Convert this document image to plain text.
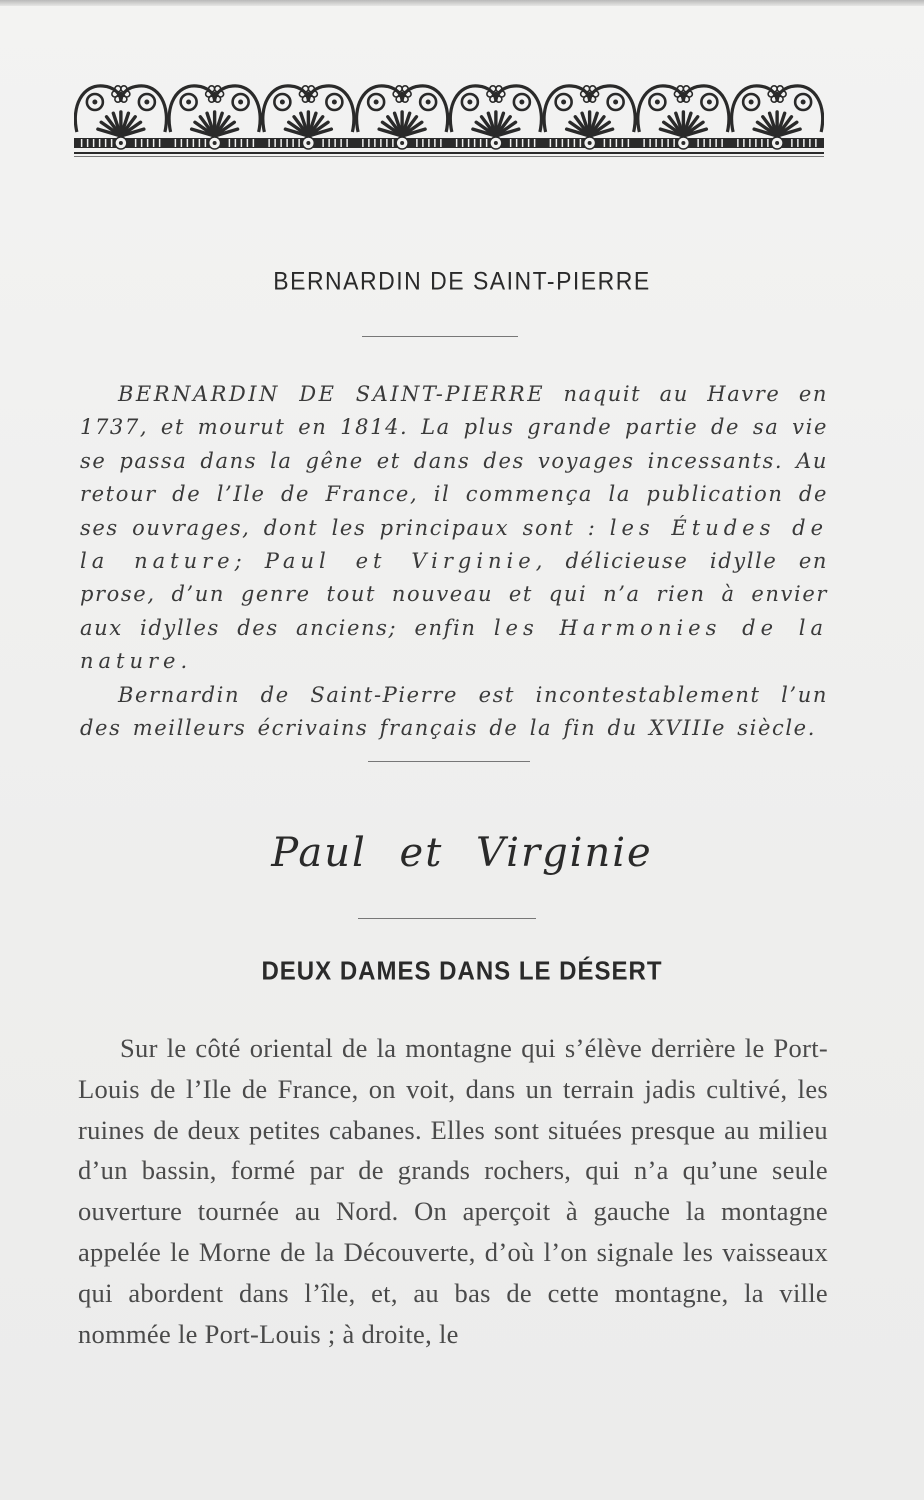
BERNARDIN DE SAINT-PIERRE

BERNARDIN DE SAINT-PIERRE naquit au Havre en 1737, et mourut en 1814. La plus grande partie de sa vie se passa dans la gêne et dans des voyages incessants. Au retour de l’Ile de France, il commença la publication de ses ouvrages, dont les principaux sont : les Études de la nature; Paul et Virginie, délicieuse idylle en prose, d’un genre tout nouveau et qui n’a rien à envier aux idylles des anciens; enfin les Harmonies de la nature.

Bernardin de Saint-Pierre est incontestablement l’un des meilleurs écrivains français de la fin du XVIIIe siècle.

Paul et Virginie
DEUX DAMES DANS LE DÉSERT

Sur le côté oriental de la montagne qui s’élève derrière le Port-Louis de l’Ile de France, on voit, dans un terrain jadis cultivé, les ruines de deux petites cabanes. Elles sont situées presque au milieu d’un bassin, formé par de grands rochers, qui n’a qu’une seule ouverture tournée au Nord. On aperçoit à gauche la montagne appelée le Morne de la Découverte, d’où l’on signale les vaisseaux qui abordent dans l’île, et, au bas de cette montagne, la ville nommée le Port-Louis ; à droite, le
